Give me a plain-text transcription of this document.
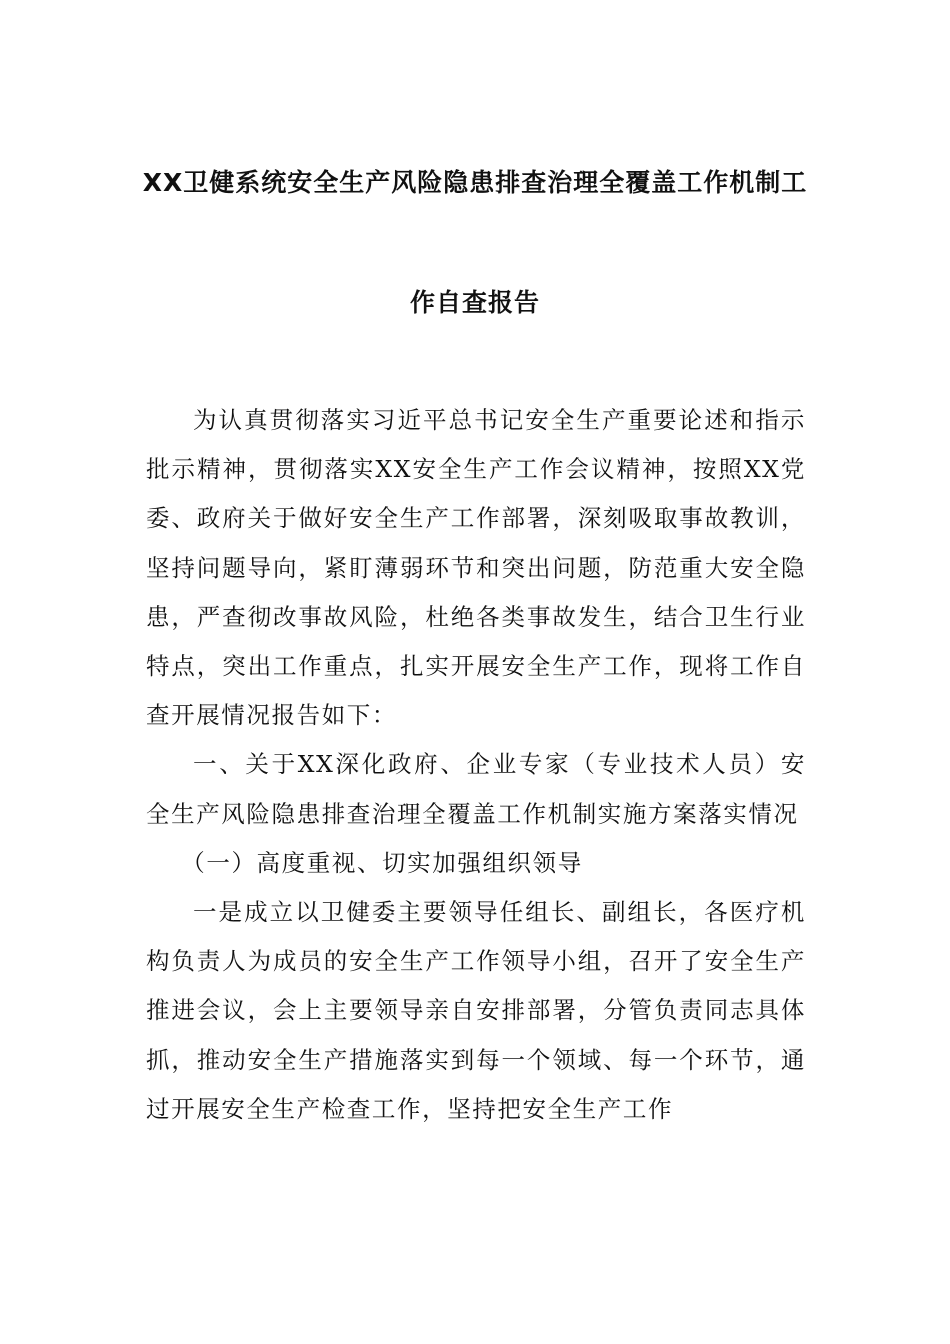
XX卫健系统安全生产风险隐患排查治理全覆盖工作机制工
作自查报告

为认真贯彻落实习近平总书记安全生产重要论述和指示批示精神，贯彻落实XX安全生产工作会议精神，按照XX党委、政府关于做好安全生产工作部署，深刻吸取事故教训，坚持问题导向，紧盯薄弱环节和突出问题，防范重大安全隐患，严查彻改事故风险，杜绝各类事故发生，结合卫生行业特点，突出工作重点，扎实开展安全生产工作，现将工作自查开展情况报告如下：

一、关于XX深化政府、企业专家（专业技术人员）安全生产风险隐患排查治理全覆盖工作机制实施方案落实情况

（一）高度重视、切实加强组织领导

一是成立以卫健委主要领导任组长、副组长，各医疗机构负责人为成员的安全生产工作领导小组，召开了安全生产推进会议，会上主要领导亲自安排部署，分管负责同志具体抓，推动安全生产措施落实到每一个领域、每一个环节，通过开展安全生产检查工作，坚持把安全生产工作
